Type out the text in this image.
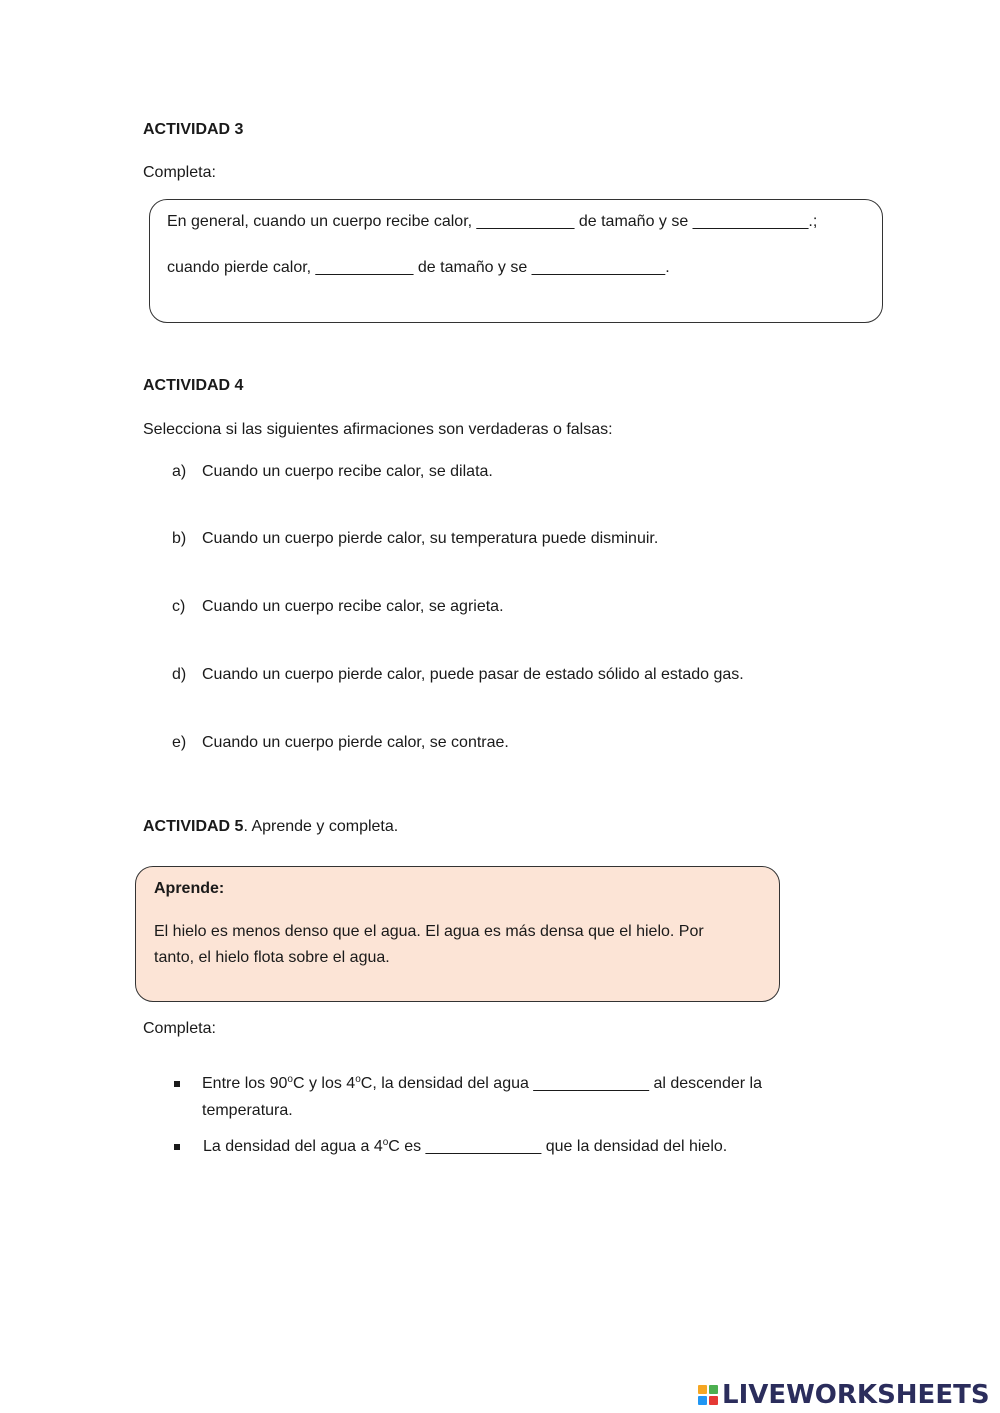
ACTIVIDAD 3
Completa:
En general, cuando un cuerpo recibe calor, ___________ de tamaño y se _____________.;
cuando pierde calor, ___________ de tamaño y se _______________.
ACTIVIDAD 4
Selecciona si las siguientes afirmaciones son verdaderas o falsas:
a) Cuando un cuerpo recibe calor, se dilata.
b) Cuando un cuerpo pierde calor, su temperatura puede disminuir.
c) Cuando un cuerpo recibe calor, se agrieta.
d) Cuando un cuerpo pierde calor, puede pasar de estado sólido al estado gas.
e) Cuando un cuerpo pierde calor, se contrae.
ACTIVIDAD 5. Aprende y completa.
Aprende:
El hielo es menos denso que el agua. El agua es más densa que el hielo. Por
tanto, el hielo flota sobre el agua.
Completa:
Entre los 90$^o$C y los 4$^o$C, la densidad del agua _____________ al descender la
temperatura.
La densidad del agua a 4$^o$C es _____________ que la densidad del hielo.
LIVEWORKSHEETS
